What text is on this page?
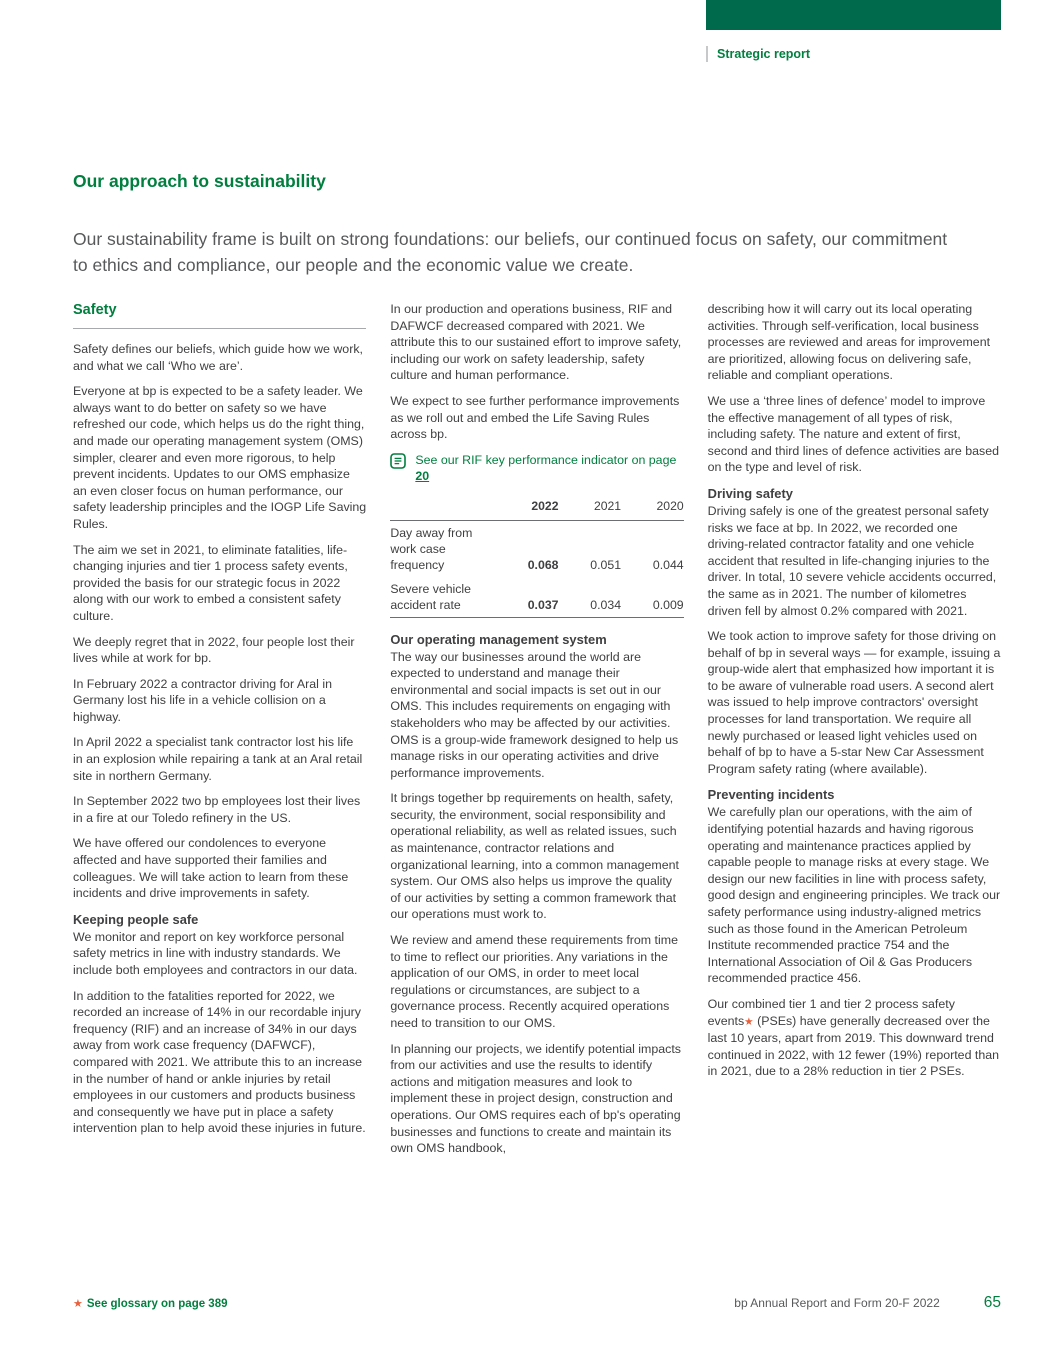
Strategic report
Our approach to sustainability

Our sustainability frame is built on strong foundations: our beliefs, our continued focus on safety, our commitment to ethics and compliance, our people and the economic value we create.

Safety

Safety defines our beliefs, which guide how we work, and what we call ‘Who we are’.

Everyone at bp is expected to be a safety leader. We always want to do better on safety so we have refreshed our code, which helps us do the right thing, and made our operating management system (OMS) simpler, clearer and even more rigorous, to help prevent incidents. Updates to our OMS emphasize an even closer focus on human performance, our safety leadership principles and the IOGP Life Saving Rules.

The aim we set in 2021, to eliminate fatalities, life-changing injuries and tier 1 process safety events, provided the basis for our strategic focus in 2022 along with our work to embed a consistent safety culture.

We deeply regret that in 2022, four people lost their lives while at work for bp.

In February 2022 a contractor driving for Aral in Germany lost his life in a vehicle collision on a highway.

In April 2022 a specialist tank contractor lost his life in an explosion while repairing a tank at an Aral retail site in northern Germany.

In September 2022 two bp employees lost their lives in a fire at our Toledo refinery in the US.

We have offered our condolences to everyone affected and have supported their families and colleagues. We will take action to learn from these incidents and drive improvements in safety.

Keeping people safe

We monitor and report on key workforce personal safety metrics in line with industry standards. We include both employees and contractors in our data.

In addition to the fatalities reported for 2022, we recorded an increase of 14% in our recordable injury frequency (RIF) and an increase of 34% in our days away from work case frequency (DAFWCF), compared with 2021. We attribute this to an increase in the number of hand or ankle injuries by retail employees in our customers and products business and consequently we have put in place a safety intervention plan to help avoid these injuries in future.

In our production and operations business, RIF and DAFWCF decreased compared with 2021. We attribute this to our sustained effort to improve safety, including our work on safety leadership, safety culture and human performance.

We expect to see further performance improvements as we roll out and embed the Life Saving Rules across bp.

See our RIF key performance indicator on page 20
	2022	2021	2020
Day away from work case frequency	0.068	0.051	0.044
Severe vehicle accident rate	0.037	0.034	0.009
Our operating management system

The way our businesses around the world are expected to understand and manage their environmental and social impacts is set out in our OMS. This includes requirements on engaging with stakeholders who may be affected by our activities. OMS is a group-wide framework designed to help us manage risks in our operating activities and drive performance improvements.

It brings together bp requirements on health, safety, security, the environment, social responsibility and operational reliability, as well as related issues, such as maintenance, contractor relations and organizational learning, into a common management system. Our OMS also helps us improve the quality of our activities by setting a common framework that our operations must work to.

We review and amend these requirements from time to time to reflect our priorities. Any variations in the application of our OMS, in order to meet local regulations or circumstances, are subject to a governance process. Recently acquired operations need to transition to our OMS.

In planning our projects, we identify potential impacts from our activities and use the results to identify actions and mitigation measures and look to implement these in project design, construction and operations. Our OMS requires each of bp's operating businesses and functions to create and maintain its own OMS handbook,

describing how it will carry out its local operating activities. Through self-verification, local business processes are reviewed and areas for improvement are prioritized, allowing focus on delivering safe, reliable and compliant operations.

We use a ‘three lines of defence’ model to improve the effective management of all types of risk, including safety. The nature and extent of first, second and third lines of defence activities are based on the type and level of risk.

Driving safety

Driving safely is one of the greatest personal safety risks we face at bp. In 2022, we recorded one driving-related contractor fatality and one vehicle accident that resulted in life-changing injuries to the driver. In total, 10 severe vehicle accidents occurred, the same as in 2021. The number of kilometres driven fell by almost 0.2% compared with 2021.

We took action to improve safety for those driving on behalf of bp in several ways — for example, issuing a group-wide alert that emphasized how important it is to be aware of vulnerable road users. A second alert was issued to help improve contractors' oversight processes for land transportation. We require all newly purchased or leased light vehicles used on behalf of bp to have a 5-star New Car Assessment Program safety rating (where available).

Preventing incidents

We carefully plan our operations, with the aim of identifying potential hazards and having rigorous operating and maintenance practices applied by capable people to manage risks at every stage. We design our new facilities in line with process safety, good design and engineering principles. We track our safety performance using industry-aligned metrics such as those found in the American Petroleum Institute recommended practice 754 and the International Association of Oil & Gas Producers recommended practice 456.

Our combined tier 1 and tier 2 process safety events★ (PSEs) have generally decreased over the last 10 years, apart from 2019. This downward trend continued in 2022, with 12 fewer (19%) reported than in 2021, due to a 28% reduction in tier 2 PSEs.

★ See glossary on page 389	bp Annual Report and Form 20-F 2022	65
